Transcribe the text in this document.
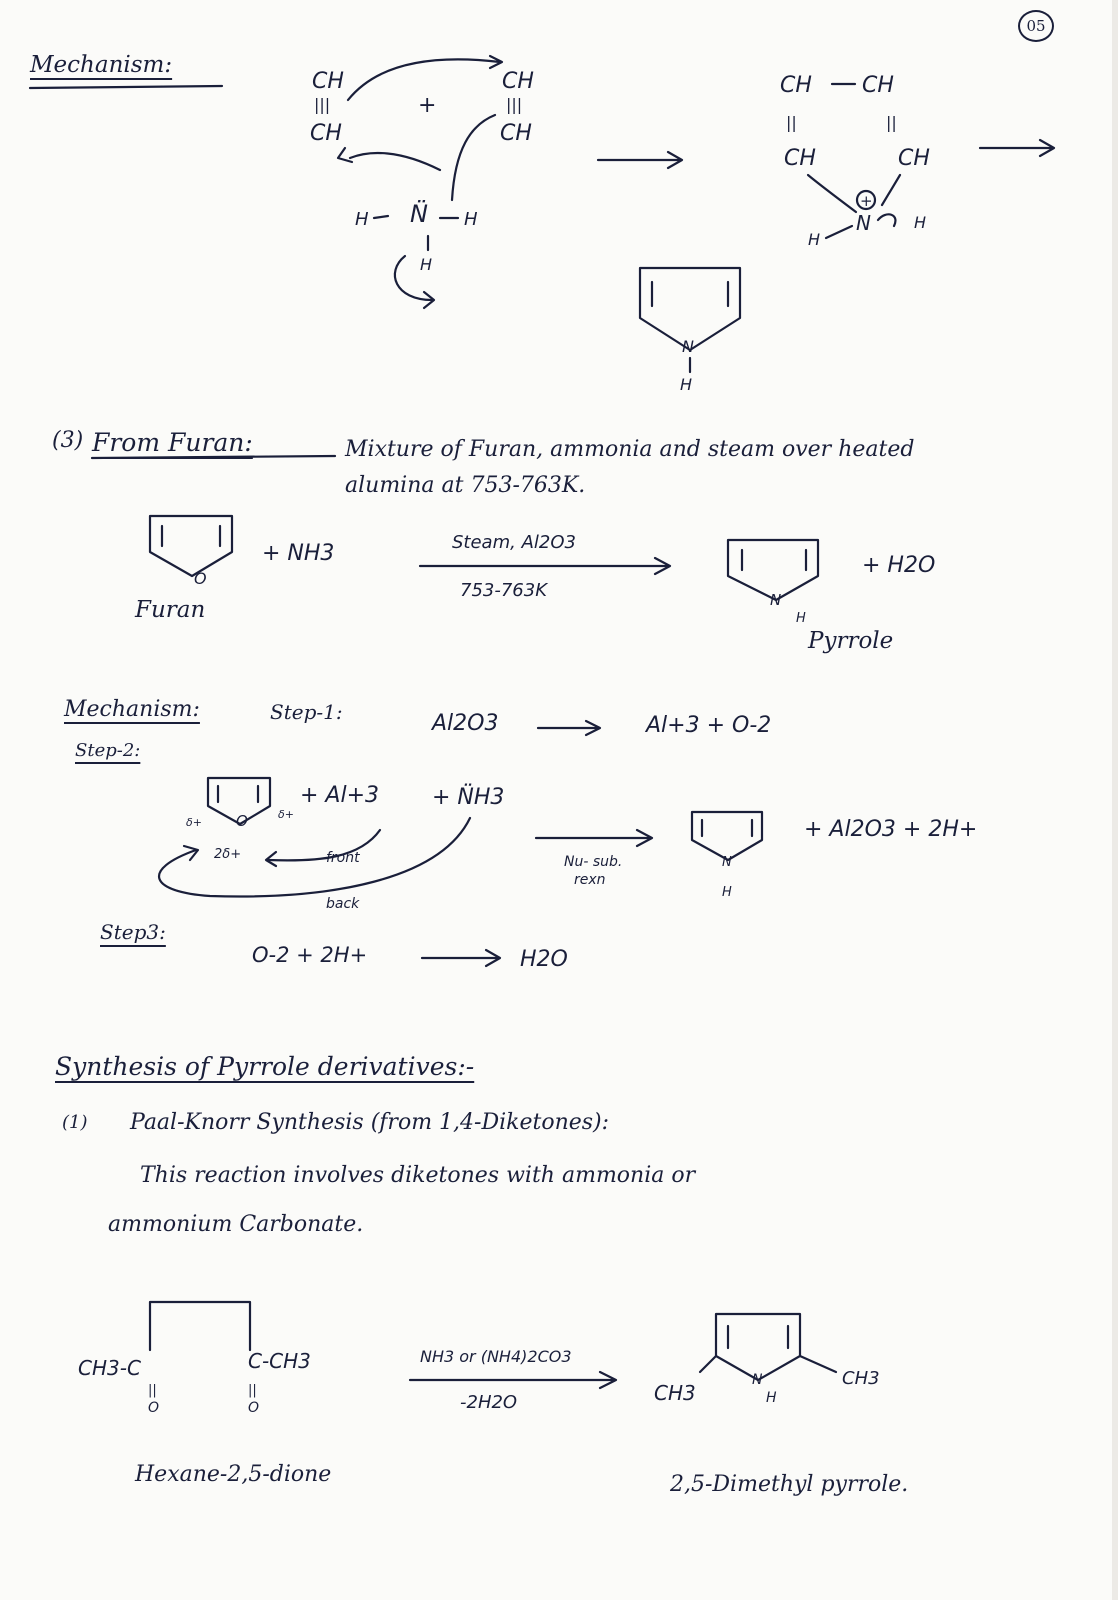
05
Mechanism:
(3) From Furan:	Mixture of Furan, ammonia and steam over heated
alumina at 753-763K.
Furan
Pyrrole
Mechanism:	Step-1:
Step-2:
Step3:
Synthesis of Pyrrole derivatives:-
(1) Paal-Knorr Synthesis (from 1,4-Diketones):
This reaction involves diketones with ammonia or
ammonium Carbonate.
Hexane-2,5-dione	2,5-Dimethyl pyrrole.
CH
|||
CH
+
CH
|||
CH
H N̈ H
H
CH CH
||	||
CH	CH
+
N
H
H
N
H
O
+ NH3	Steam, Al2O3
753-763K	N
H
+ H2O
Al2O3	Al+3 + O-2
O
δ+
δ+
2δ+
+ Al+3 + N̈H3
front
back
Nu- sub.
rexn
N
H
+ Al2O3 + 2H+
O-2 + 2H+	H2O
CH3-C
||
O
C-CH3
||
O
NH3 or (NH4)2CO3
-2H2O
N
H
CH3
CH3
